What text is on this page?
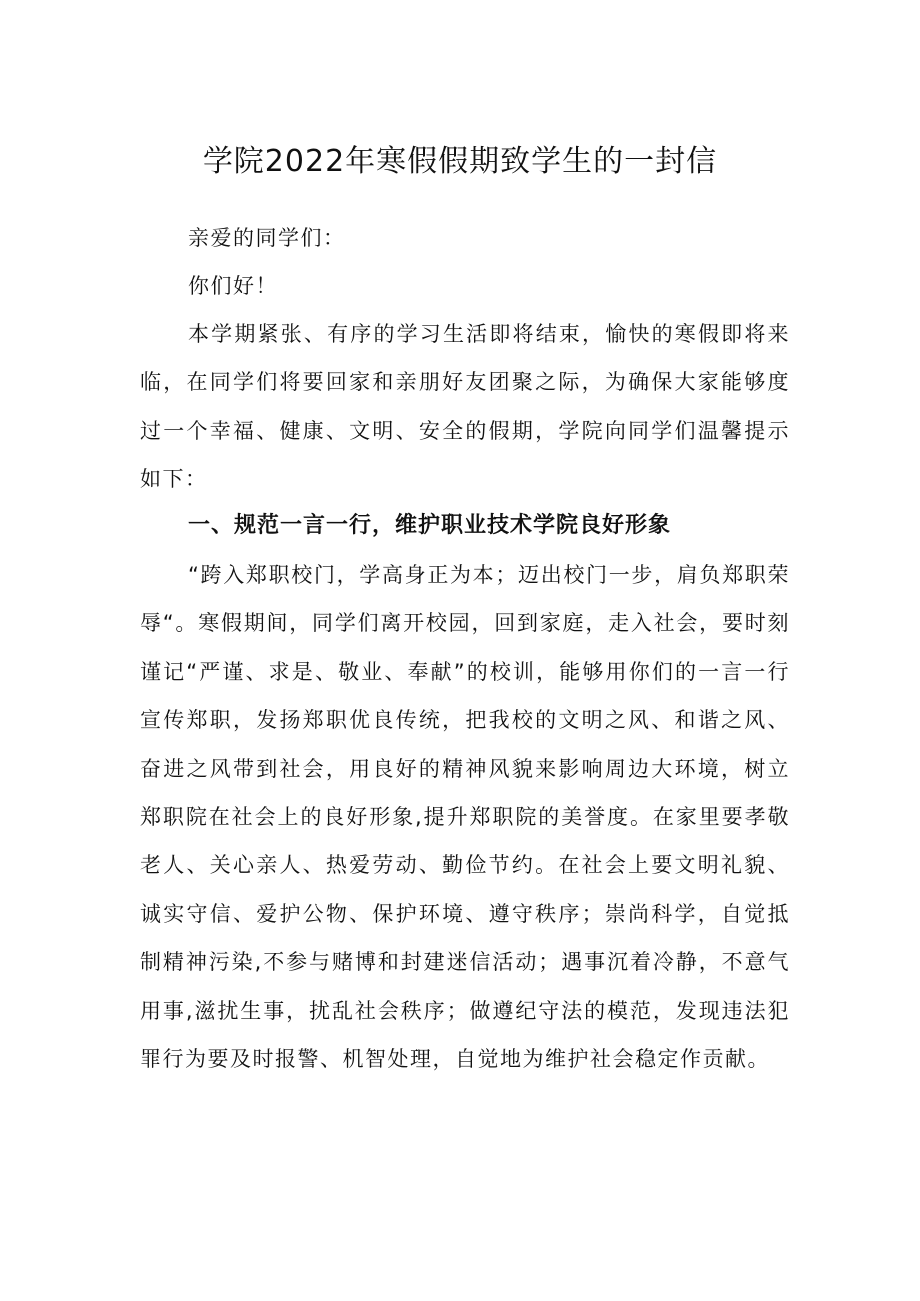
学院2022年寒假假期致学生的一封信

亲爱的同学们：

你们好！

本学期紧张、有序的学习生活即将结束，愉快的寒假即将来临，在同学们将要回家和亲朋好友团聚之际，为确保大家能够度过一个幸福、健康、文明、安全的假期，学院向同学们温馨提示如下：

一、规范一言一行，维护职业技术学院良好形象

“跨入郑职校门，学高身正为本；迈出校门一步，肩负郑职荣辱“。寒假期间，同学们离开校园，回到家庭，走入社会，要时刻谨记“严谨、求是、敬业、奉献”的校训，能够用你们的一言一行宣传郑职，发扬郑职优良传统，把我校的文明之风、和谐之风、奋进之风带到社会，用良好的精神风貌来影响周边大环境，树立郑职院在社会上的良好形象,提升郑职院的美誉度。在家里要孝敬老人、关心亲人、热爱劳动、勤俭节约。在社会上要文明礼貌、诚实守信、爱护公物、保护环境、遵守秩序；崇尚科学，自觉抵制精神污染,不参与赌博和封建迷信活动；遇事沉着冷静，不意气用事,滋扰生事，扰乱社会秩序；做遵纪守法的模范，发现违法犯罪行为要及时报警、机智处理，自觉地为维护社会稳定作贡献。
